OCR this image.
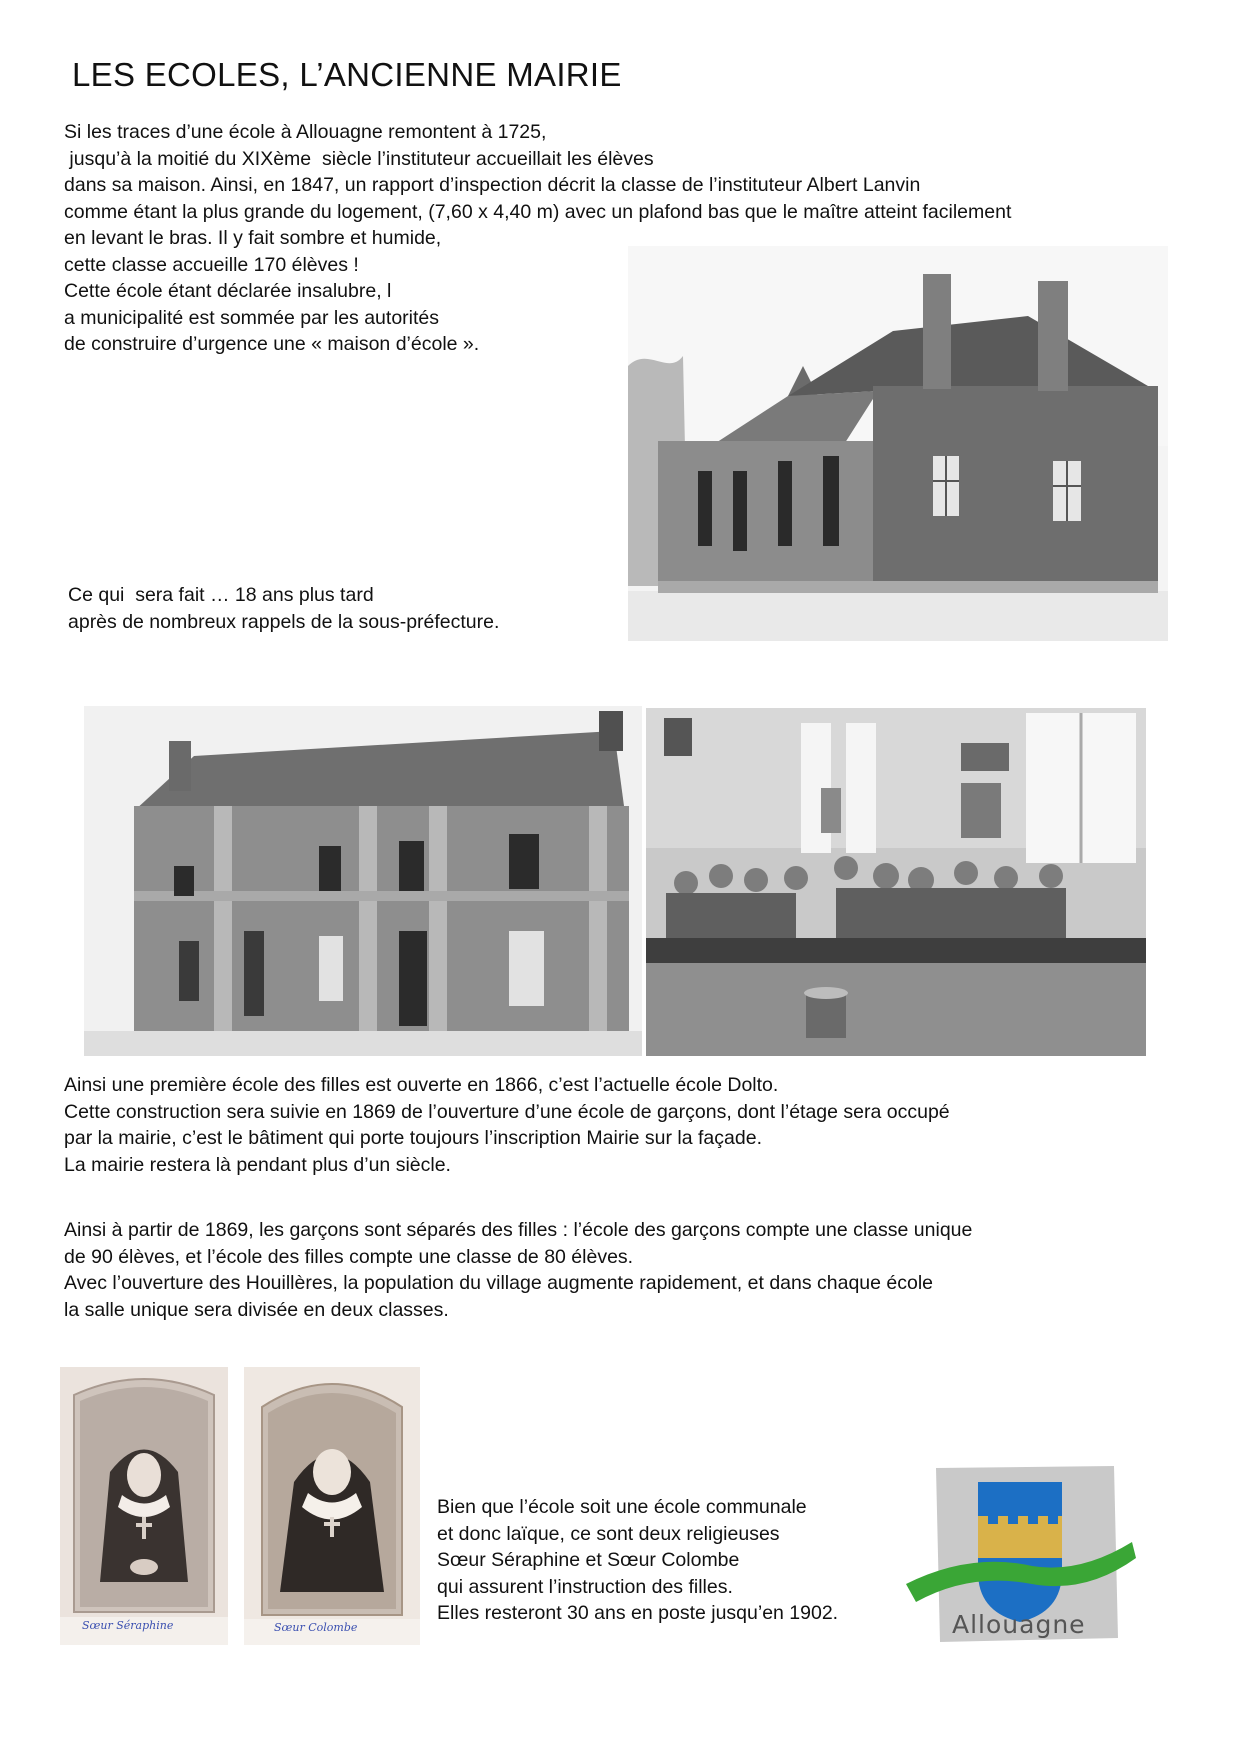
LES ECOLES, L’ANCIENNE MAIRIE
Si les traces d’une école à Allouagne remontent à 1725,
jusqu’à la moitié du XIXème  siècle l’instituteur accueillait les élèves
dans sa maison. Ainsi, en 1847, un rapport d’inspection décrit la classe de l’instituteur Albert Lanvin
comme étant la plus grande du logement, (7,60 x 4,40 m) avec un plafond bas que le maître atteint facilement
en levant le bras. Il y fait sombre et humide,
cette classe accueille 170 élèves !
Cette école étant déclarée insalubre, l
a municipalité est sommée par les autorités
de construire d’urgence une « maison d’école ».
Ce qui  sera fait … 18 ans plus tard
après de nombreux rappels de la sous-préfecture.
Ainsi une première école des filles est ouverte en 1866, c’est l’actuelle école Dolto.
Cette construction sera suivie en 1869 de l’ouverture d’une école de garçons, dont l’étage sera occupé
par la mairie, c’est le bâtiment qui porte toujours l’inscription Mairie sur la façade.
La mairie restera là pendant plus d’un siècle.
Ainsi à partir de 1869, les garçons sont séparés des filles : l’école des garçons compte une classe unique
de 90 élèves, et l’école des filles compte une classe de 80 élèves.
Avec l’ouverture des Houillères, la population du village augmente rapidement, et dans chaque école
la salle unique sera divisée en deux classes.
Sœur Séraphine	Sœur Colombe
Bien que l’école soit une école communale
et donc laïque, ce sont deux religieuses
Sœur Séraphine et Sœur Colombe
qui assurent l’instruction des filles.
Elles resteront 30 ans en poste jusqu’en 1902.	Allouagne
